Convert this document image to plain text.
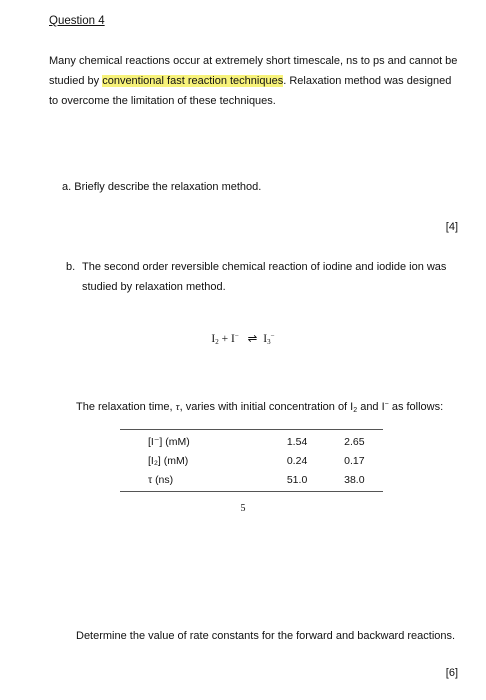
Question 4
Many chemical reactions occur at extremely short timescale, ns to ps and cannot be studied by conventional fast reaction techniques. Relaxation method was designed to overcome the limitation of these techniques.
a. Briefly describe the relaxation method.
[4]
b. The second order reversible chemical reaction of iodine and iodide ion was studied by relaxation method.
$I_2 + I^-$ ⇌ $I_3^-$
The relaxation time, τ, varies with initial concentration of $I_2$ and I− as follows:
[I⁻] (mM)	1.54	2.65
[I₂] (mM)	0.24	0.17
τ (ns)	51.0	38.0
5
Determine the value of rate constants for the forward and backward reactions.
[6]
